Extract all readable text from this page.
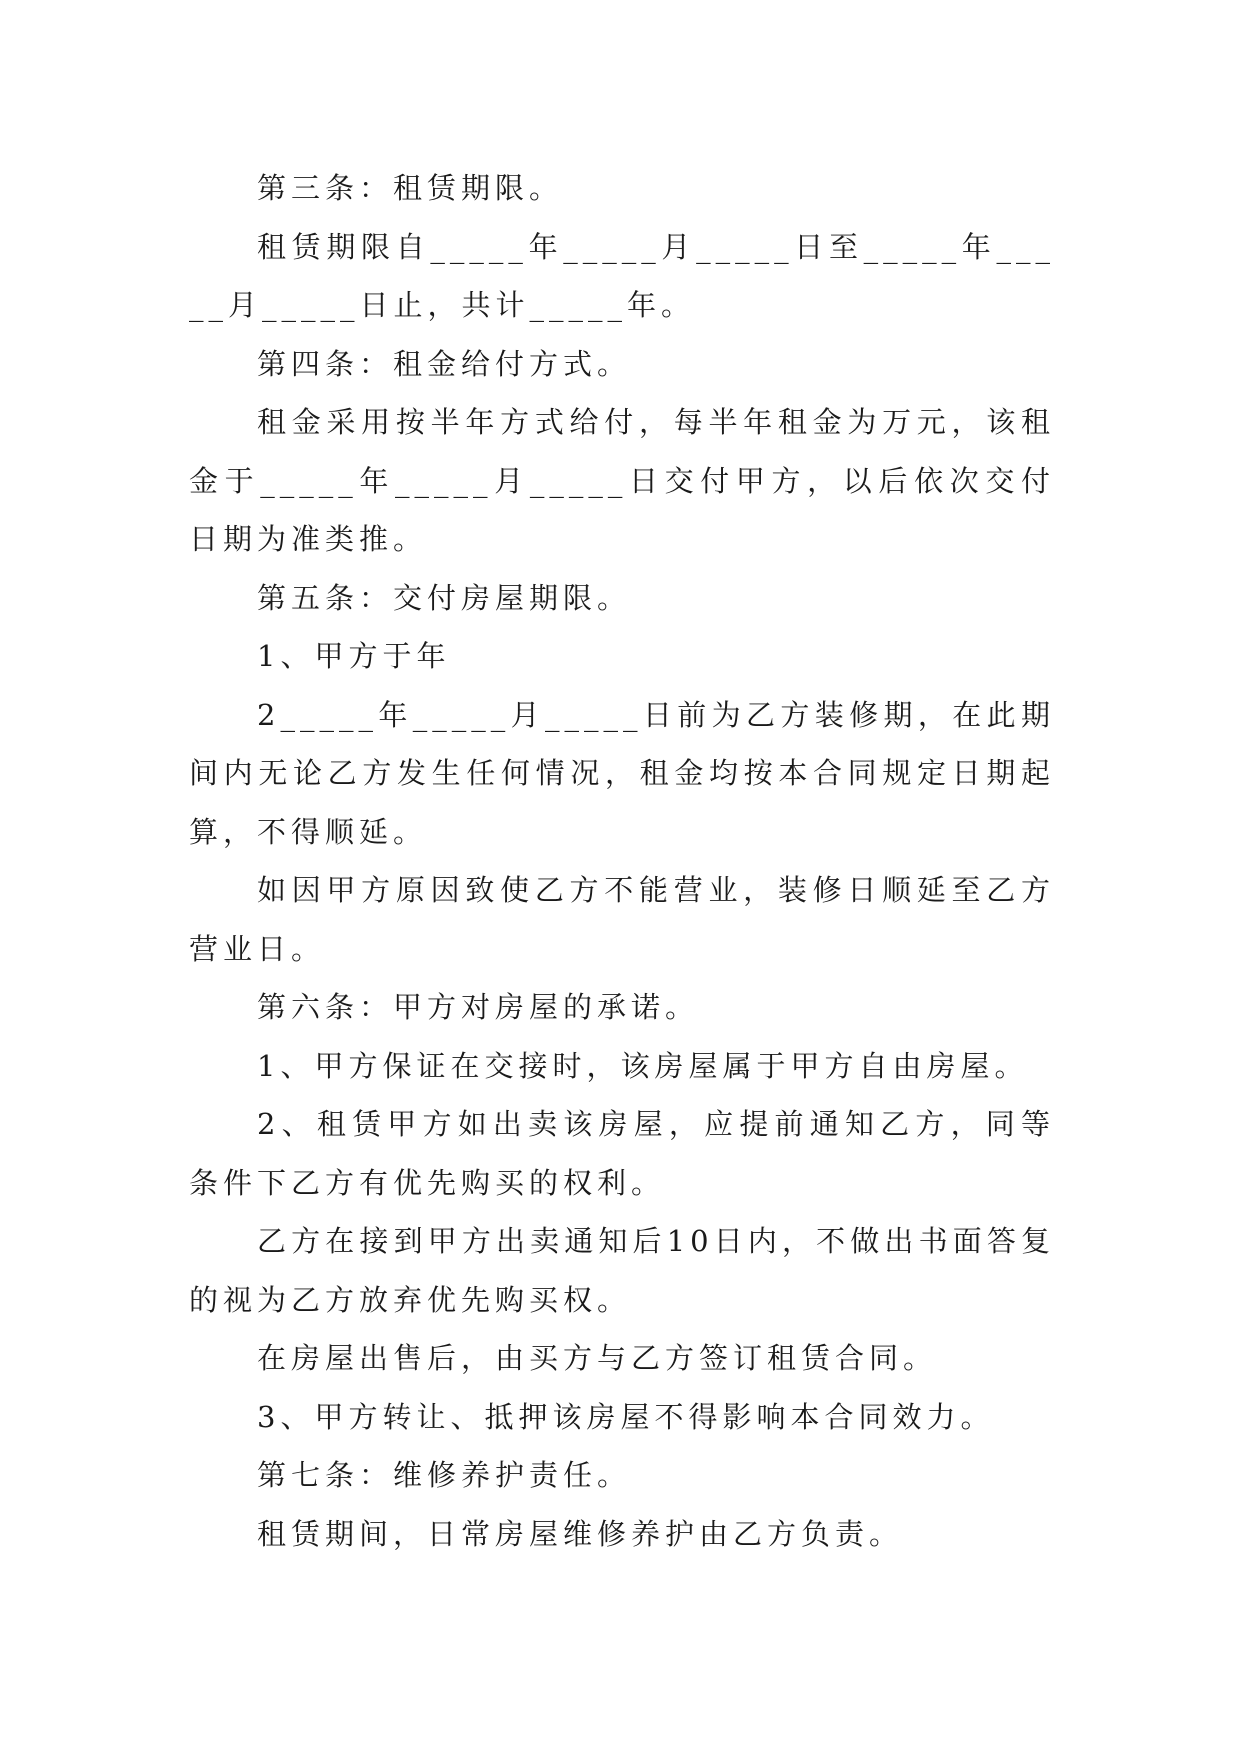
第三条：租赁期限。

租赁期限自_____年_____月_____日至_____年_____月_____日止，共计_____年。

第四条：租金给付方式。

租金采用按半年方式给付，每半年租金为万元，该租金于_____年_____月_____日交付甲方，以后依次交付日期为准类推。

第五条：交付房屋期限。

1、甲方于年

2_____年_____月_____日前为乙方装修期，在此期间内无论乙方发生任何情况，租金均按本合同规定日期起算，不得顺延。

如因甲方原因致使乙方不能营业，装修日顺延至乙方营业日。

第六条：甲方对房屋的承诺。

1、甲方保证在交接时，该房屋属于甲方自由房屋。

2、租赁甲方如出卖该房屋，应提前通知乙方，同等条件下乙方有优先购买的权利。

乙方在接到甲方出卖通知后10日内，不做出书面答复的视为乙方放弃优先购买权。

在房屋出售后，由买方与乙方签订租赁合同。

3、甲方转让、抵押该房屋不得影响本合同效力。

第七条：维修养护责任。

租赁期间，日常房屋维修养护由乙方负责。
